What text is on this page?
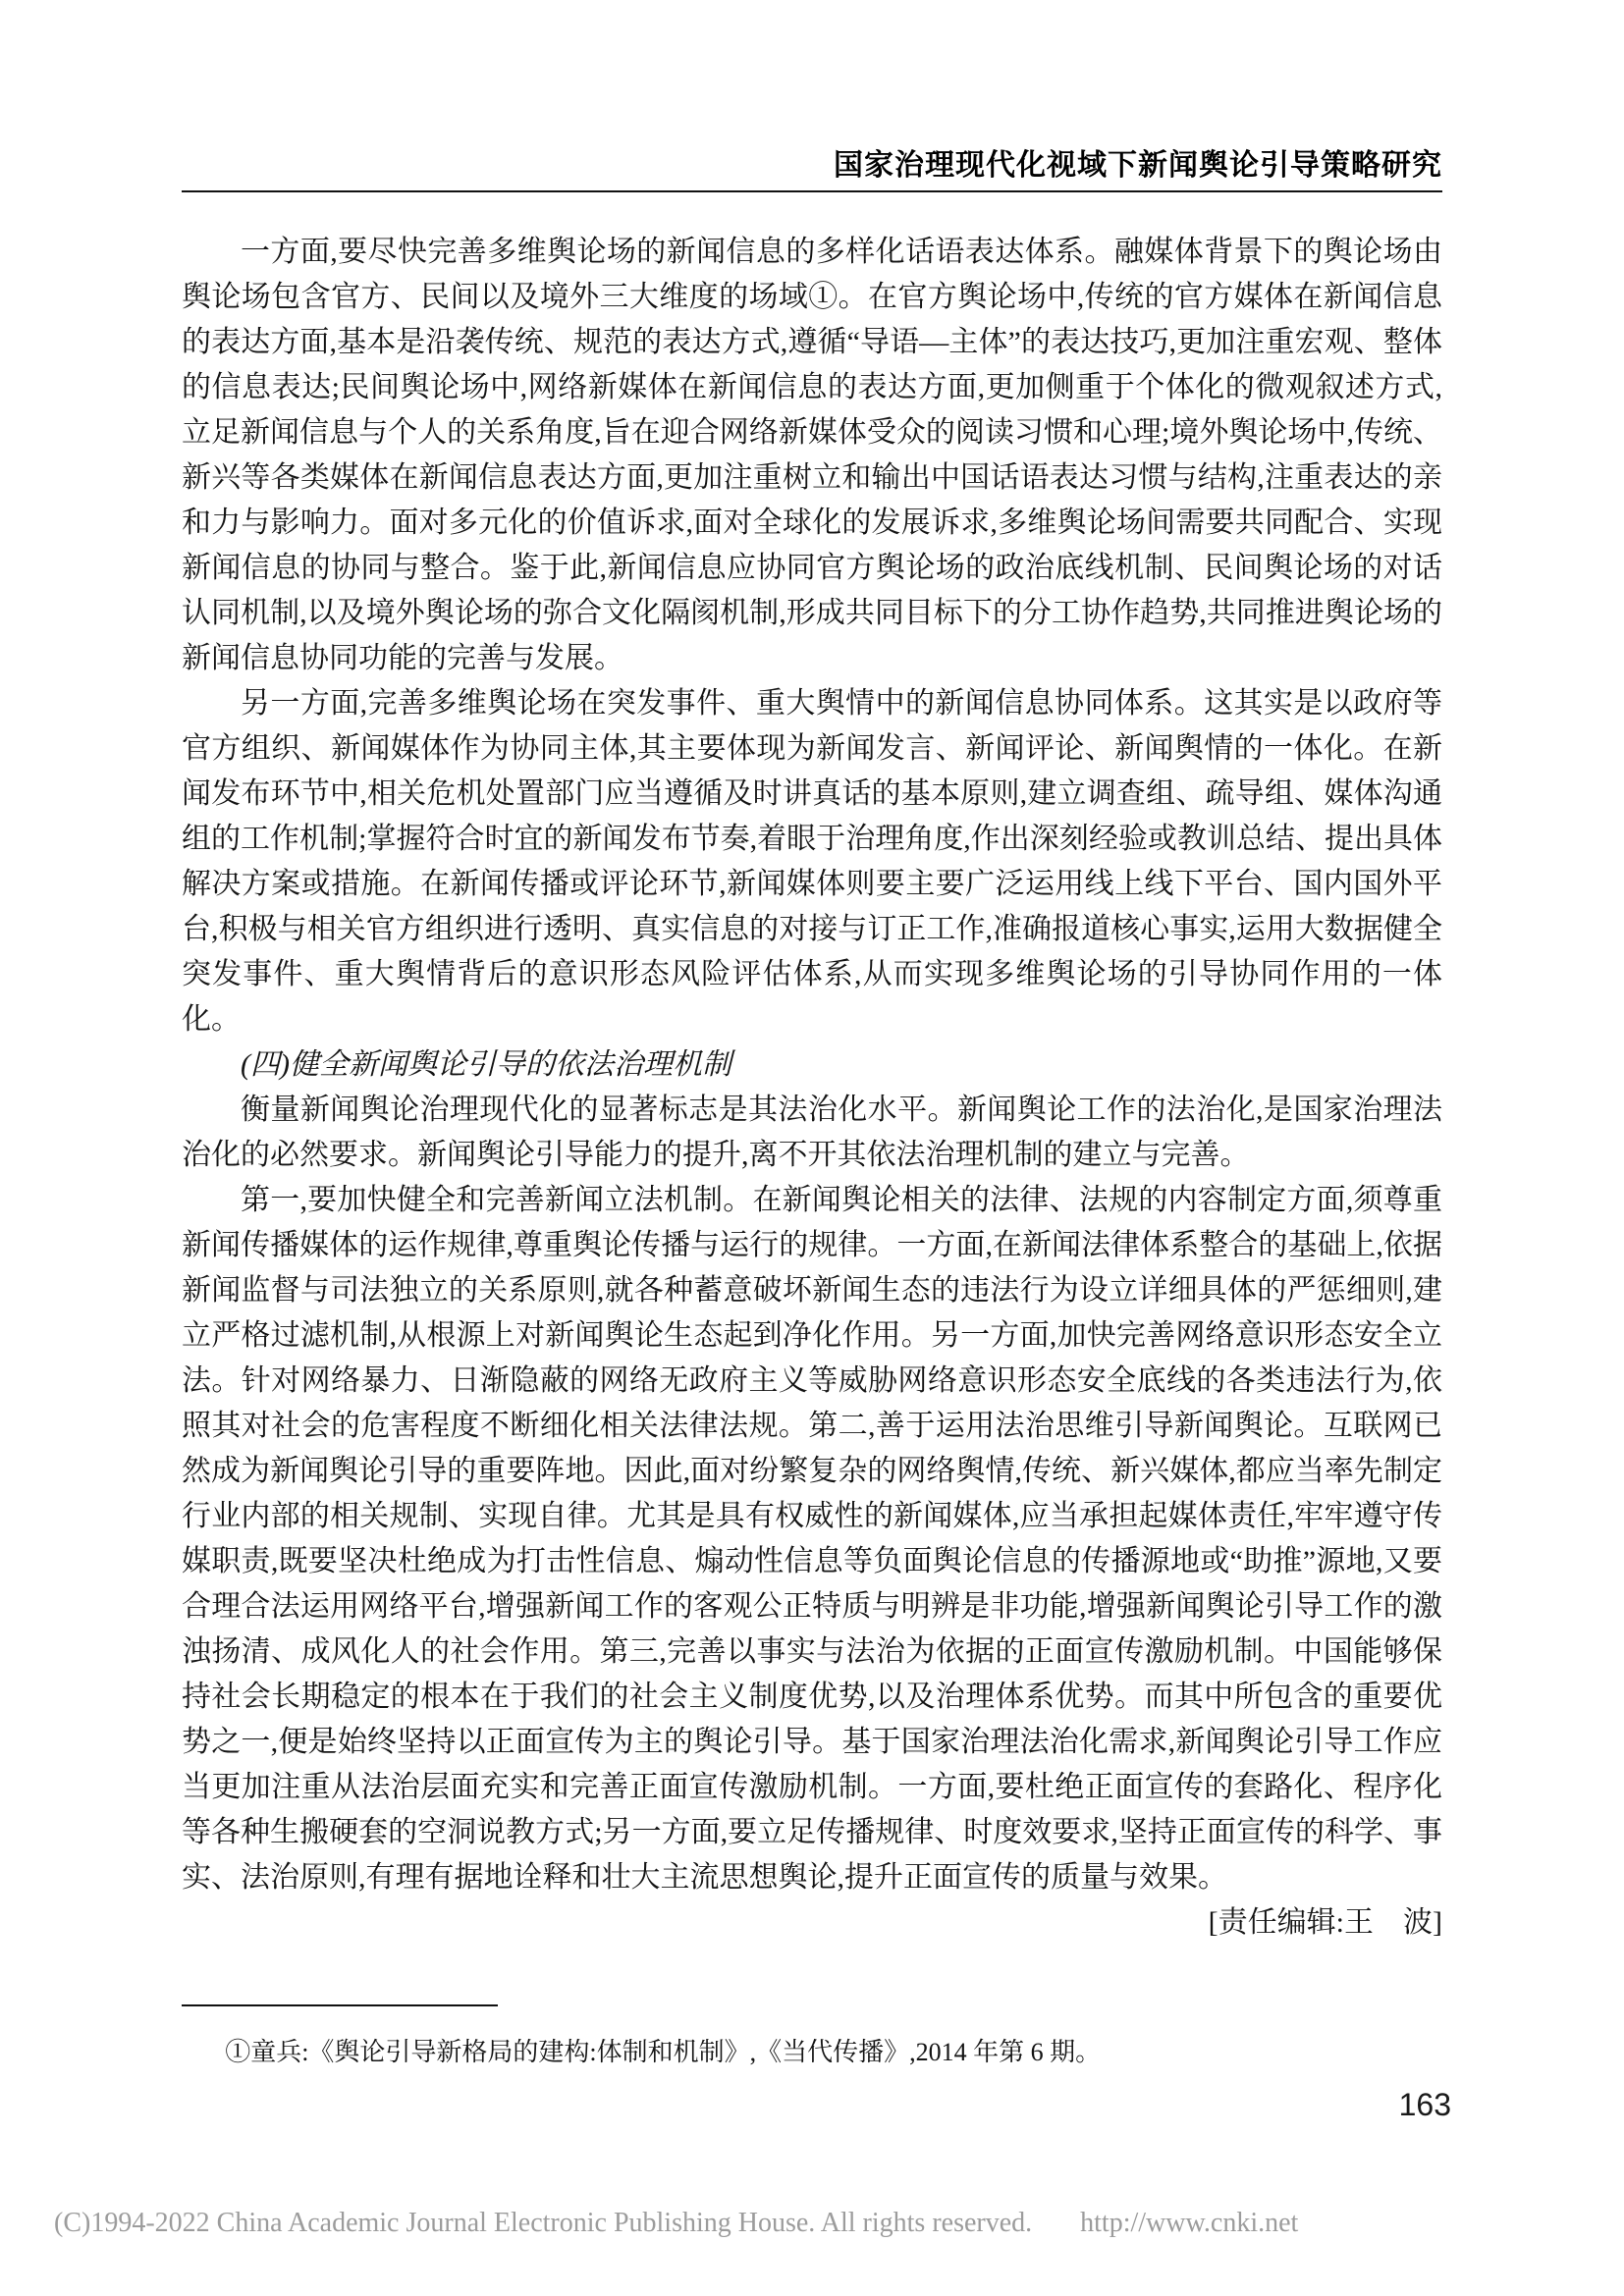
国家治理现代化视域下新闻舆论引导策略研究

一方面,要尽快完善多维舆论场的新闻信息的多样化话语表达体系。融媒体背景下的舆论场由舆论场包含官方、民间以及境外三大维度的场域①。在官方舆论场中,传统的官方媒体在新闻信息的表达方面,基本是沿袭传统、规范的表达方式,遵循“导语—主体”的表达技巧,更加注重宏观、整体的信息表达;民间舆论场中,网络新媒体在新闻信息的表达方面,更加侧重于个体化的微观叙述方式,立足新闻信息与个人的关系角度,旨在迎合网络新媒体受众的阅读习惯和心理;境外舆论场中,传统、新兴等各类媒体在新闻信息表达方面,更加注重树立和输出中国话语表达习惯与结构,注重表达的亲和力与影响力。面对多元化的价值诉求,面对全球化的发展诉求,多维舆论场间需要共同配合、实现新闻信息的协同与整合。鉴于此,新闻信息应协同官方舆论场的政治底线机制、民间舆论场的对话认同机制,以及境外舆论场的弥合文化隔阂机制,形成共同目标下的分工协作趋势,共同推进舆论场的新闻信息协同功能的完善与发展。

另一方面,完善多维舆论场在突发事件、重大舆情中的新闻信息协同体系。这其实是以政府等官方组织、新闻媒体作为协同主体,其主要体现为新闻发言、新闻评论、新闻舆情的一体化。在新闻发布环节中,相关危机处置部门应当遵循及时讲真话的基本原则,建立调查组、疏导组、媒体沟通组的工作机制;掌握符合时宜的新闻发布节奏,着眼于治理角度,作出深刻经验或教训总结、提出具体解决方案或措施。在新闻传播或评论环节,新闻媒体则要主要广泛运用线上线下平台、国内国外平台,积极与相关官方组织进行透明、真实信息的对接与订正工作,准确报道核心事实,运用大数据健全突发事件、重大舆情背后的意识形态风险评估体系,从而实现多维舆论场的引导协同作用的一体化。

(四)健全新闻舆论引导的依法治理机制

衡量新闻舆论治理现代化的显著标志是其法治化水平。新闻舆论工作的法治化,是国家治理法治化的必然要求。新闻舆论引导能力的提升,离不开其依法治理机制的建立与完善。

第一,要加快健全和完善新闻立法机制。在新闻舆论相关的法律、法规的内容制定方面,须尊重新闻传播媒体的运作规律,尊重舆论传播与运行的规律。一方面,在新闻法律体系整合的基础上,依据新闻监督与司法独立的关系原则,就各种蓄意破坏新闻生态的违法行为设立详细具体的严惩细则,建立严格过滤机制,从根源上对新闻舆论生态起到净化作用。另一方面,加快完善网络意识形态安全立法。针对网络暴力、日渐隐蔽的网络无政府主义等威胁网络意识形态安全底线的各类违法行为,依照其对社会的危害程度不断细化相关法律法规。第二,善于运用法治思维引导新闻舆论。互联网已然成为新闻舆论引导的重要阵地。因此,面对纷繁复杂的网络舆情,传统、新兴媒体,都应当率先制定行业内部的相关规制、实现自律。尤其是具有权威性的新闻媒体,应当承担起媒体责任,牢牢遵守传媒职责,既要坚决杜绝成为打击性信息、煽动性信息等负面舆论信息的传播源地或“助推”源地,又要合理合法运用网络平台,增强新闻工作的客观公正特质与明辨是非功能,增强新闻舆论引导工作的激浊扬清、成风化人的社会作用。第三,完善以事实与法治为依据的正面宣传激励机制。中国能够保持社会长期稳定的根本在于我们的社会主义制度优势,以及治理体系优势。而其中所包含的重要优势之一,便是始终坚持以正面宣传为主的舆论引导。基于国家治理法治化需求,新闻舆论引导工作应当更加注重从法治层面充实和完善正面宣传激励机制。一方面,要杜绝正面宣传的套路化、程序化等各种生搬硬套的空洞说教方式;另一方面,要立足传播规律、时度效要求,坚持正面宣传的科学、事实、法治原则,有理有据地诠释和壮大主流思想舆论,提升正面宣传的质量与效果。

[责任编辑:王　波]
①童兵:《舆论引导新格局的建构:体制和机制》,《当代传播》,2014 年第 6 期。
163
(C)1994-2022 China Academic Journal Electronic Publishing House. All rights reserved. http://www.cnki.net
